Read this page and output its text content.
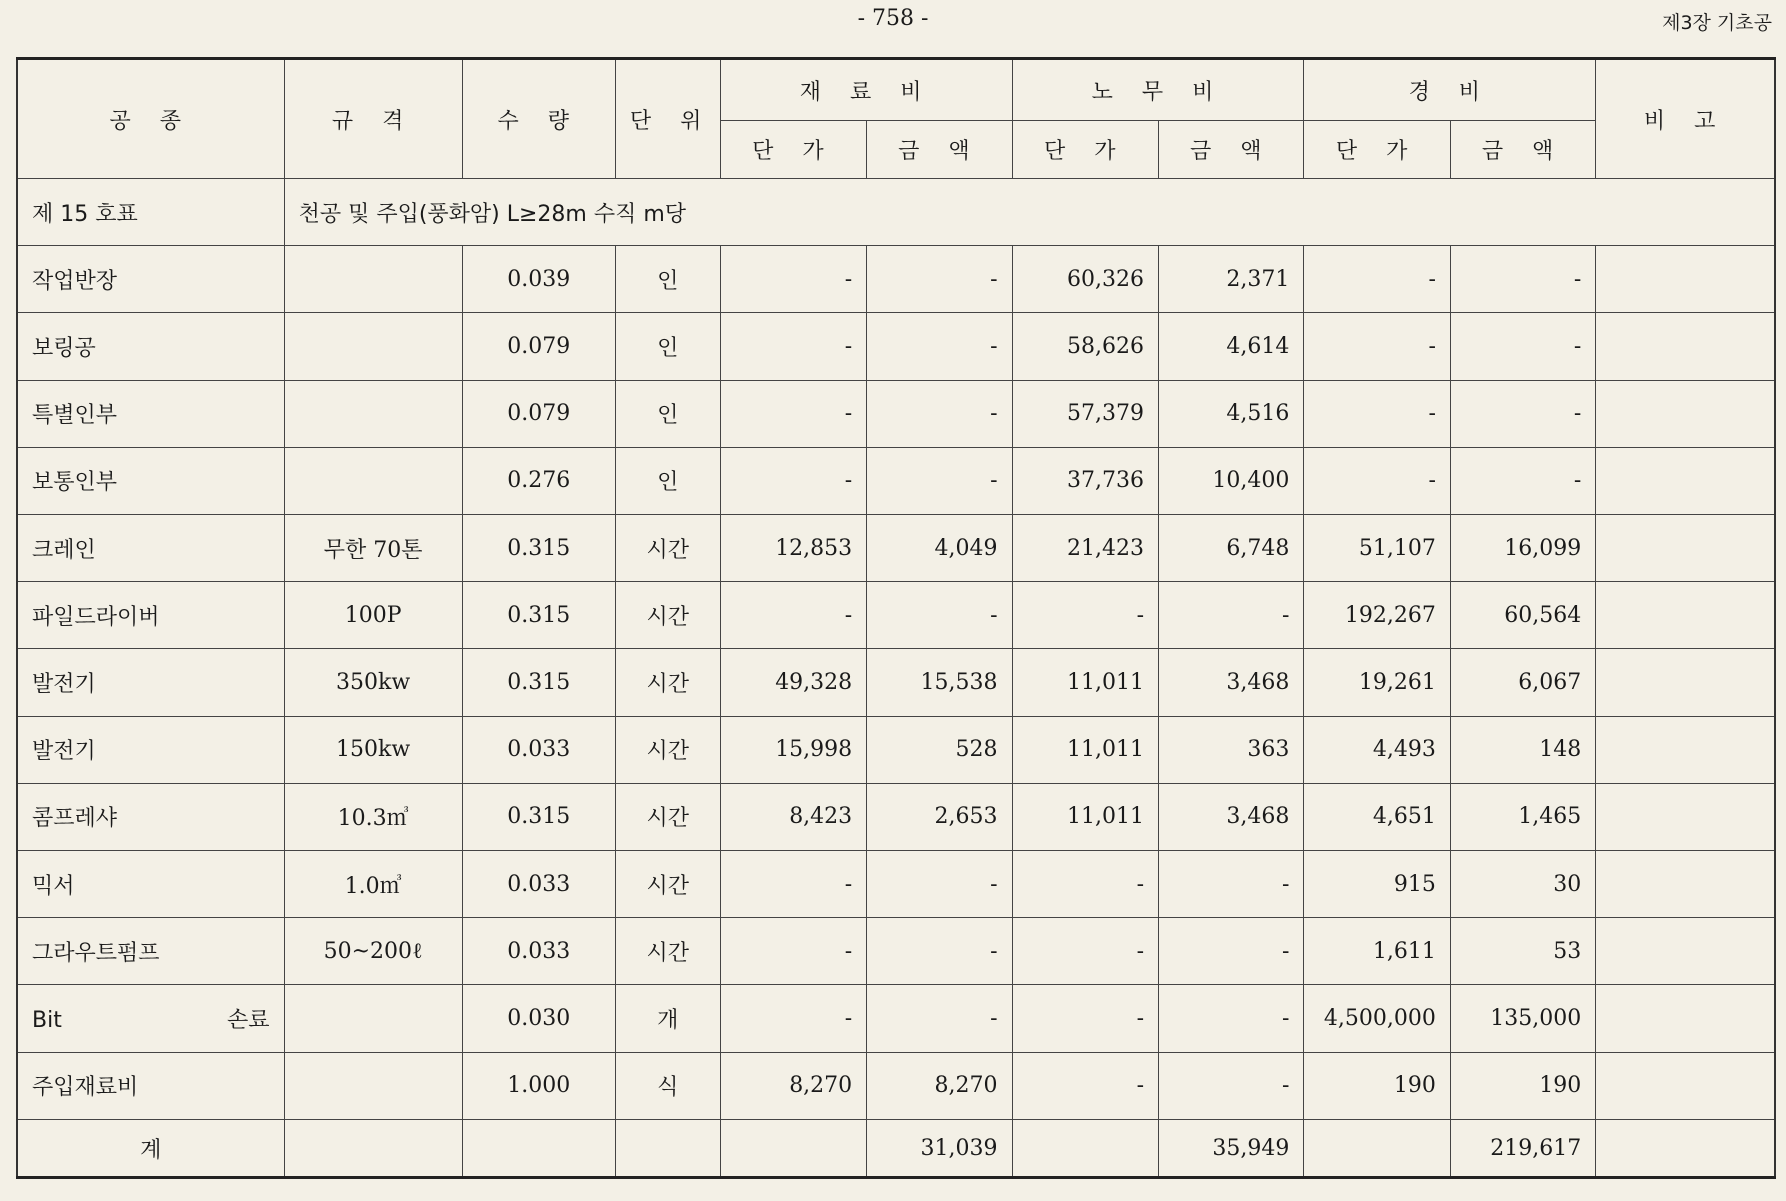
- 758 -	제3장 기초공
공 종	규 격	수 량	단 위	재 료 비		노 무 비		경 비		비 고
				단 가	금 액	단 가	금 액	단 가	금 액	
제 15 호표	천공 및 주입(풍화암) L≥28m 수직 m당									
작업반장		0.039	인	-	-	60,326	2,371	-	-	
보링공		0.079	인	-	-	58,626	4,614	-	-	
특별인부		0.079	인	-	-	57,379	4,516	-	-	
보통인부		0.276	인	-	-	37,736	10,400	-	-	
크레인	무한 70톤	0.315	시간	12,853	4,049	21,423	6,748	51,107	16,099	
파일드라이버	100P	0.315	시간	-	-	-	-	192,267	60,564	
발전기	350kw	0.315	시간	49,328	15,538	11,011	3,468	19,261	6,067	
발전기	150kw	0.033	시간	15,998	528	11,011	363	4,493	148	
콤프레샤	10.3㎥	0.315	시간	8,423	2,653	11,011	3,468	4,651	1,465	
믹서	1.0㎥	0.033	시간	-	-	-	-	915	30	
그라우트펌프	50~200ℓ	0.033	시간	-	-	-	-	1,611	53	
Bit 손료		0.030	개	-	-	-	-	4,500,000	135,000	
주입재료비		1.000	식	8,270	8,270	-	-	190	190	
계					31,039		35,949		219,617	
